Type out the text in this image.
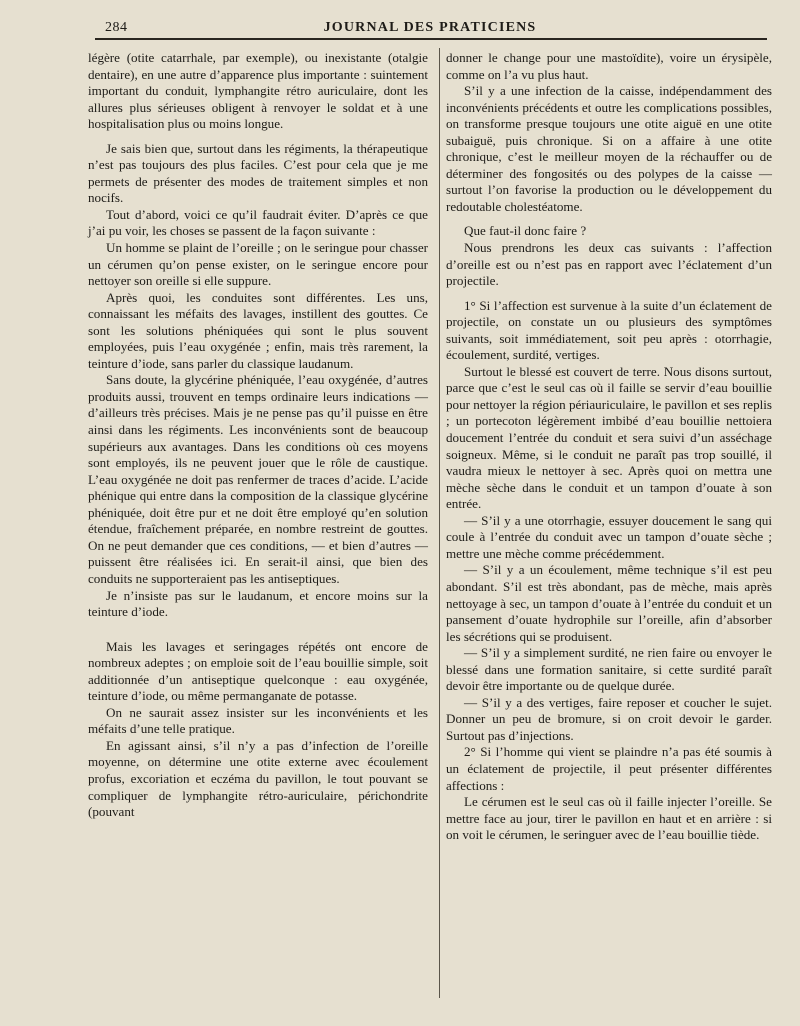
284	JOURNAL DES PRATICIENS

légère (otite catarrhale, par exemple), ou inexistante (otalgie dentaire), en une autre d’apparence plus importante : suintement important du conduit, lymphangite rétro auriculaire, dont les allures plus sérieuses obligent à renvoyer le soldat et à une hospitalisation plus ou moins longue.

Je sais bien que, surtout dans les régiments, la thérapeutique n’est pas toujours des plus faciles. C’est pour cela que je me permets de présenter des modes de traitement simples et non nocifs.

Tout d’abord, voici ce qu’il faudrait éviter. D’après ce que j’ai pu voir, les choses se passent de la façon suivante :

Un homme se plaint de l’oreille ; on le seringue pour chasser un cérumen qu’on pense exister, on le seringue encore pour nettoyer son oreille si elle suppure.

Après quoi, les conduites sont différentes. Les uns, connaissant les méfaits des lavages, instillent des gouttes. Ce sont les solutions phéniquées qui sont le plus souvent employées, puis l’eau oxygénée ; enfin, mais très rarement, la teinture d’iode, sans parler du classique laudanum.

Sans doute, la glycérine phéniquée, l’eau oxygénée, d’autres produits aussi, trouvent en temps ordinaire leurs indications — d’ailleurs très précises. Mais je ne pense pas qu’il puisse en être ainsi dans les régiments. Les inconvénients sont de beaucoup supérieurs aux avantages. Dans les conditions où ces moyens sont employés, ils ne peuvent jouer que le rôle de caustique. L’eau oxygénée ne doit pas renfermer de traces d’acide. L’acide phénique qui entre dans la composition de la classique glycérine phéniquée, doit être pur et ne doit être employé qu’en solution étendue, fraîchement préparée, en nombre restreint de gouttes. On ne peut demander que ces conditions, — et bien d’autres — puissent être réalisées ici. En serait-il ainsi, que bien des conduits ne supporteraient pas les antiseptiques.

Je n’insiste pas sur le laudanum, et encore moins sur la teinture d’iode.

Mais les lavages et seringages répétés ont encore de nombreux adeptes ; on emploie soit de l’eau bouillie simple, soit additionnée d’un antiseptique quelconque : eau oxygénée, teinture d’iode, ou même permanganate de potasse.

On ne saurait assez insister sur les inconvénients et les méfaits d’une telle pratique.

En agissant ainsi, s’il n’y a pas d’infection de l’oreille moyenne, on détermine une otite externe avec écoulement profus, excoriation et eczéma du pavillon, le tout pouvant se compliquer de lymphangite rétro-auriculaire, périchondrite (pouvant

donner le change pour une mastoïdite), voire un érysipèle, comme on l’a vu plus haut.

S’il y a une infection de la caisse, indépendamment des inconvénients précédents et outre les complications possibles, on transforme presque toujours une otite aiguë en une otite subaiguë, puis chronique. Si on a affaire à une otite chronique, c’est le meilleur moyen de la réchauffer ou de déterminer des fongosités ou des polypes de la caisse — surtout l’on favorise la production ou le développement du redoutable cholestéatome.

Que faut-il donc faire ?

Nous prendrons les deux cas suivants : l’affection d’oreille est ou n’est pas en rapport avec l’éclatement d’un projectile.

1° Si l’affection est survenue à la suite d’un éclatement de projectile, on constate un ou plusieurs des symptômes suivants, soit immédiatement, soit peu après : otorrhagie, écoulement, surdité, vertiges.

Surtout le blessé est couvert de terre. Nous disons surtout, parce que c’est le seul cas où il faille se servir d’eau bouillie pour nettoyer la région périauriculaire, le pavillon et ses replis ; un portecoton légèrement imbibé d’eau bouillie nettoiera doucement l’entrée du conduit et sera suivi d’un asséchage soigneux. Même, si le conduit ne paraît pas trop souillé, il vaudra mieux le nettoyer à sec. Après quoi on mettra une mèche sèche dans le conduit et un tampon d’ouate à son entrée.

— S’il y a une otorrhagie, essuyer doucement le sang qui coule à l’entrée du conduit avec un tampon d’ouate sèche ; mettre une mèche comme précédemment.

— S’il y a un écoulement, même technique s’il est peu abondant. S’il est très abondant, pas de mèche, mais après nettoyage à sec, un tampon d’ouate à l’entrée du conduit et un pansement d’ouate hydrophile sur l’oreille, afin d’absorber les sécrétions qui se produisent.

— S’il y a simplement surdité, ne rien faire ou envoyer le blessé dans une formation sanitaire, si cette surdité paraît devoir être importante ou de quelque durée.

— S’il y a des vertiges, faire reposer et coucher le sujet. Donner un peu de bromure, si on croit devoir le garder. Surtout pas d’injections.

2° Si l’homme qui vient se plaindre n’a pas été soumis à un éclatement de projectile, il peut présenter différentes affections :

Le cérumen est le seul cas où il faille injecter l’oreille. Se mettre face au jour, tirer le pavillon en haut et en arrière : si on voit le cérumen, le seringuer avec de l’eau bouillie tiède.
